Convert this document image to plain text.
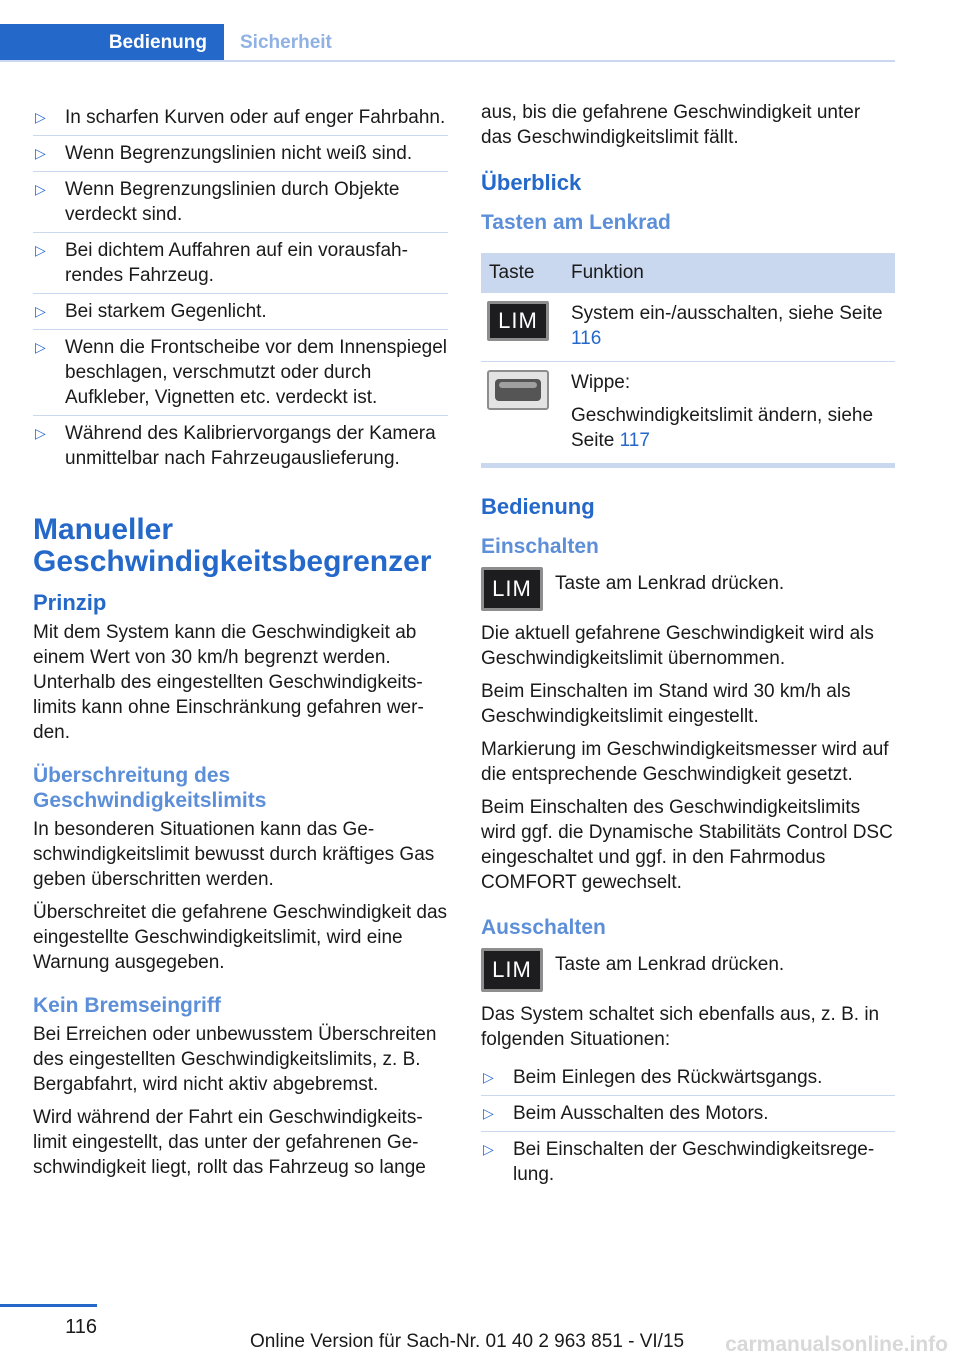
Bedienung	Sicherheit
▷ In scharfen Kurven oder auf enger Fahrbahn.
▷ Wenn Begrenzungslinien nicht weiß sind.
▷ Wenn Begrenzungslinien durch Objekte verdeckt sind.
▷ Bei dichtem Auffahren auf ein vorausfahrendes Fahrzeug.
▷ Bei starkem Gegenlicht.
▷ Wenn die Frontscheibe vor dem Innenspiegel beschlagen, verschmutzt oder durch Aufkleber, Vignetten etc. verdeckt ist.
▷ Während des Kalibriervorgangs der Kamera unmittelbar nach Fahrzeugauslieferung.
Manueller Geschwindigkeitsbegrenzer
Prinzip

Mit dem System kann die Geschwindigkeit ab einem Wert von 30 km/h begrenzt werden. Unterhalb des eingestellten Geschwindigkeitslimits kann ohne Einschränkung gefahren werden.

Überschreitung des Geschwindigkeitslimits

In besonderen Situationen kann das Geschwindigkeitslimit bewusst durch kräftiges Gas geben überschritten werden.

Überschreitet die gefahrene Geschwindigkeit das eingestellte Geschwindigkeitslimit, wird eine Warnung ausgegeben.

Kein Bremseingriff

Bei Erreichen oder unbewusstem Überschreiten des eingestellten Geschwindigkeitslimits, z. B. Bergabfahrt, wird nicht aktiv abgebremst.

Wird während der Fahrt ein Geschwindigkeitslimit eingestellt, das unter der gefahrenen Geschwindigkeit liegt, rollt das Fahrzeug so lange

aus, bis die gefahrene Geschwindigkeit unter das Geschwindigkeitslimit fällt.

Überblick
Tasten am Lenkrad
Taste	Funktion

LIM	System ein-/ausschalten, siehe Seite 116

	Wippe:
Geschwindigkeitslimit ändern, siehe Seite 117
Bedienung
Einschalten
LIM	Taste am Lenkrad drücken.

Die aktuell gefahrene Geschwindigkeit wird als Geschwindigkeitslimit übernommen.

Beim Einschalten im Stand wird 30 km/h als Geschwindigkeitslimit eingestellt.

Markierung im Geschwindigkeitsmesser wird auf die entsprechende Geschwindigkeit gesetzt.

Beim Einschalten des Geschwindigkeitslimits wird ggf. die Dynamische Stabilitäts Control DSC eingeschaltet und ggf. in den Fahrmodus COMFORT gewechselt.

Ausschalten
LIM	Taste am Lenkrad drücken.

Das System schaltet sich ebenfalls aus, z. B. in folgenden Situationen:

▷ Beim Einlegen des Rückwärtsgangs.
▷ Beim Ausschalten des Motors.
▷ Bei Einschalten der Geschwindigkeitsregelung.
116
Online Version für Sach-Nr. 01 40 2 963 851 - VI/15 carmanualsonline.info
